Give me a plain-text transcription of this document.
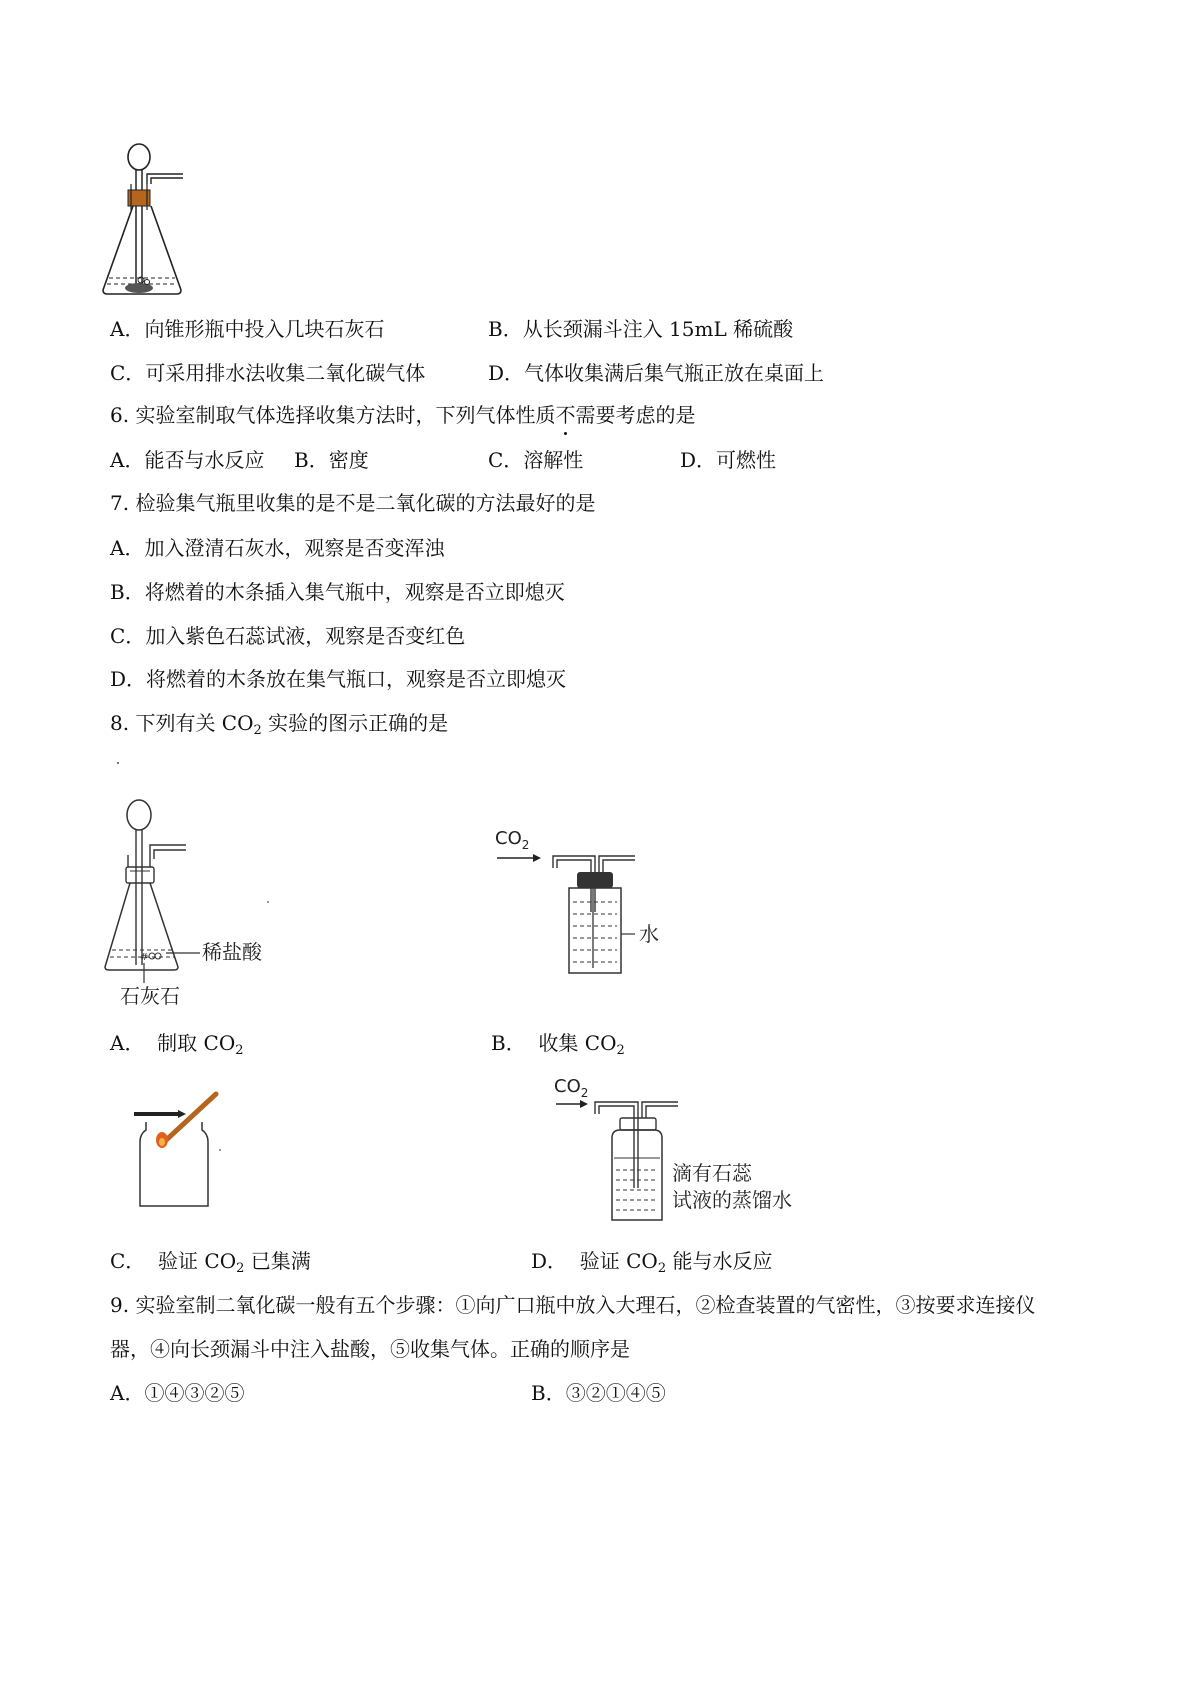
A．向锥形瓶中投入几块石灰石	B．从长颈漏斗注入 15mL 稀硫酸
C．可采用排水法收集二氧化碳气体	D．气体收集满后集气瓶正放在桌面上
6. 实验室制取气体选择收集方法时，下列气体性质不需要考虑的是
A．能否与水反应 B．密度	C．溶解性	D．可燃性
7. 检验集气瓶里收集的是不是二氧化碳的方法最好的是
A．加入澄清石灰水，观察是否变浑浊
B．将燃着的木条插入集气瓶中，观察是否立即熄灭
C．加入紫色石蕊试液，观察是否变红色
D．将燃着的木条放在集气瓶口，观察是否立即熄灭
8. 下列有关 $CO_2$ 实验的图示正确的是
#	稀盐酸
石灰石
A． 制取 $CO_2$
$CO_2$
水
B． 收集 $CO_2$
C． 验证 $CO_2$ 已集满
$CO_2$
滴有石蕊
试液的蒸馏水
D． 验证 $CO_2$ 能与水反应
9. 实验室制二氧化碳一般有五个步骤：①向广口瓶中放入大理石，②检查装置的气密性，③按要求连接仪
器，④向长颈漏斗中注入盐酸，⑤收集气体。正确的顺序是
A．①④③②⑤	B．③②①④⑤
